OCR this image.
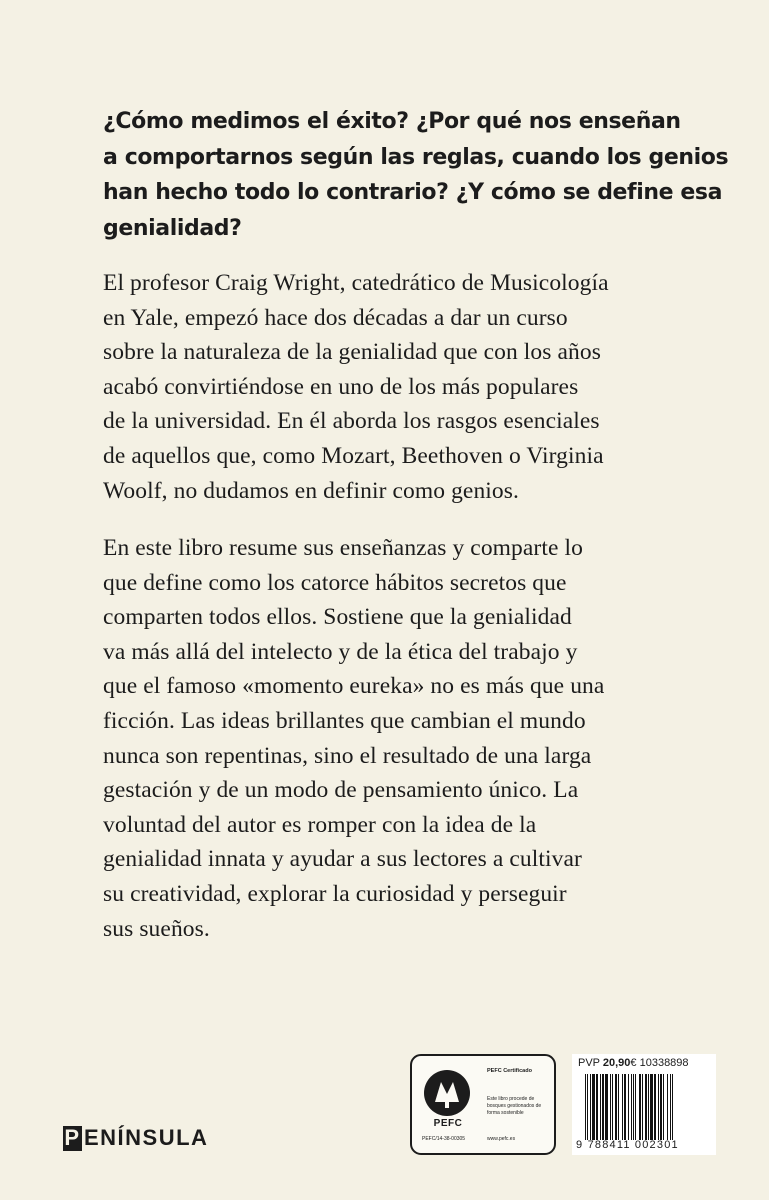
¿Cómo medimos el éxito? ¿Por qué nos enseñan
a comportarnos según las reglas, cuando los genios
han hecho todo lo contrario? ¿Y cómo se define esa
genialidad?

El profesor Craig Wright, catedrático de Musicología
en Yale, empezó hace dos décadas a dar un curso
sobre la naturaleza de la genialidad que con los años
acabó convirtiéndose en uno de los más populares
de la universidad. En él aborda los rasgos esenciales
de aquellos que, como Mozart, Beethoven o Virginia
Woolf, no dudamos en definir como genios.

En este libro resume sus enseñanzas y comparte lo
que define como los catorce hábitos secretos que
comparten todos ellos. Sostiene que la genialidad
va más allá del intelecto y de la ética del trabajo y
que el famoso «momento eureka» no es más que una
ficción. Las ideas brillantes que cambian el mundo
nunca son repentinas, sino el resultado de una larga
gestación y de un modo de pensamiento único. La
voluntad del autor es romper con la idea de la
genialidad innata y ayudar a sus lectores a cultivar
su creatividad, explorar la curiosidad y perseguir
sus sueños.

P ENÍNSULA
PEFC
PEFC/14-38-00305
PEFC Certificado
Este libro procede de bosques gestionados de forma sostenible
www.pefc.es
PVP 20,90€ 10338898
9 788411 002301
